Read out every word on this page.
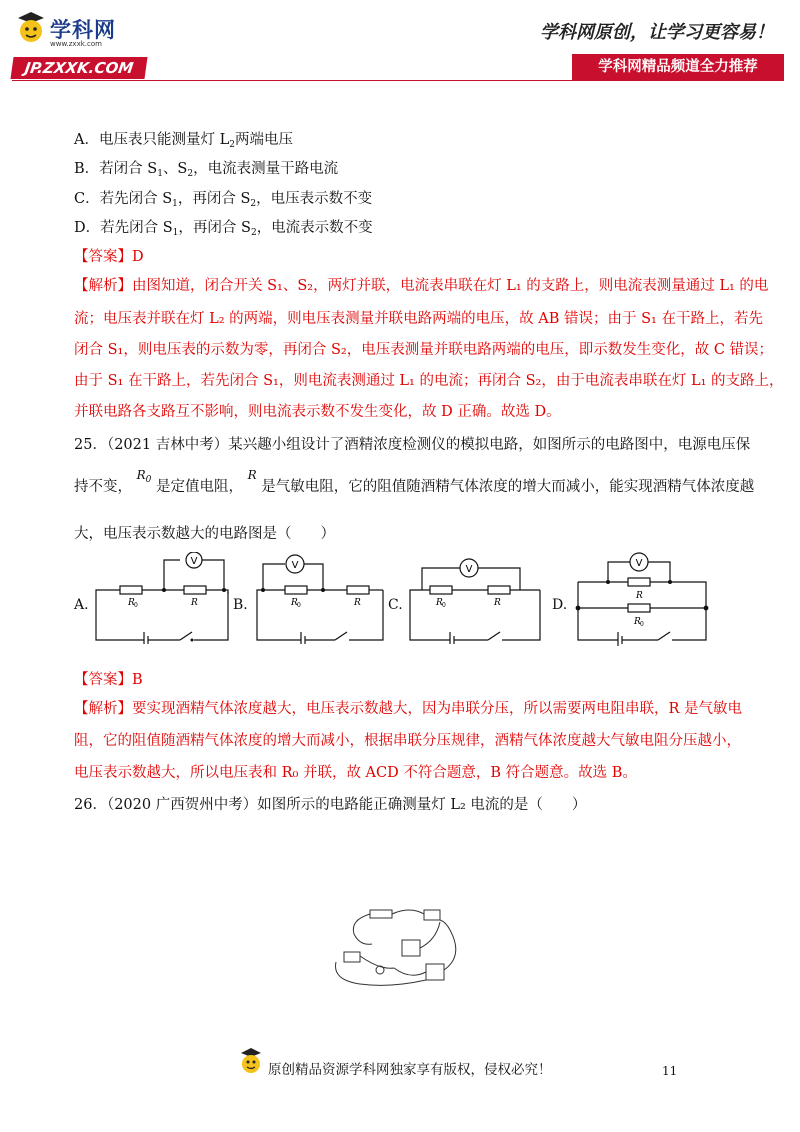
学科网
www.zxxk.com
JP.ZXXK.COM
学科网原创，让学习更容易！
学科网精品频道全力推荐
A．电压表只能测量灯 $L_2$两端电压
B．若闭合 $S_1$、$S_2$，电流表测量干路电流
C．若先闭合 $S_1$，再闭合 $S_2$，电压表示数不变
D．若先闭合 $S_1$，再闭合 $S_2$，电流表示数不变
【答案】D
【解析】由图知道，闭合开关 S₁、S₂，两灯并联，电流表串联在灯 L₁ 的支路上，则电流表测量通过 L₁ 的电
流；电压表并联在灯 L₂ 的两端，则电压表测量并联电路两端的电压，故 AB 错误；由于 S₁ 在干路上，若先
闭合 S₁，则电压表的示数为零，再闭合 S₂，电压表测量并联电路两端的电压，即示数发生变化，故 C 错误；
由于 S₁ 在干路上，若先闭合 S₁，则电流表测通过 L₁ 的电流；再闭合 S₂，由于电流表串联在灯 L₁ 的支路上，
并联电路各支路互不影响，则电流表示数不发生变化，故 D 正确。故选 D。
25．（2021 吉林中考）某兴趣小组设计了酒精浓度检测仪的模拟电路，如图所示的电路图中，电源电压保
持不变， $^{R_0}$ 是定值电阻， $^R$ 是气敏电阻，它的阻值随酒精气体浓度的增大而减小，能实现酒精气体浓度越
大，电压表示数越大的电路图是（　　）
A.	B.	C.	D.
V
R 0	R
V
R 0	R
V
R 0	R
V
R
R 0
【答案】B
【解析】要实现酒精气体浓度越大，电压表示数越大，因为串联分压，所以需要两电阻串联，R 是气敏电
阻，它的阻值随酒精气体浓度的增大而减小，根据串联分压规律，酒精气体浓度越大气敏电阻分压越小，
电压表示数越大，所以电压表和 R₀ 并联，故 ACD 不符合题意，B 符合题意。故选 B。
26．（2020 广西贺州中考）如图所示的电路能正确测量灯 L₂ 电流的是（　　）
原创精品资源学科网独家享有版权，侵权必究！	11
